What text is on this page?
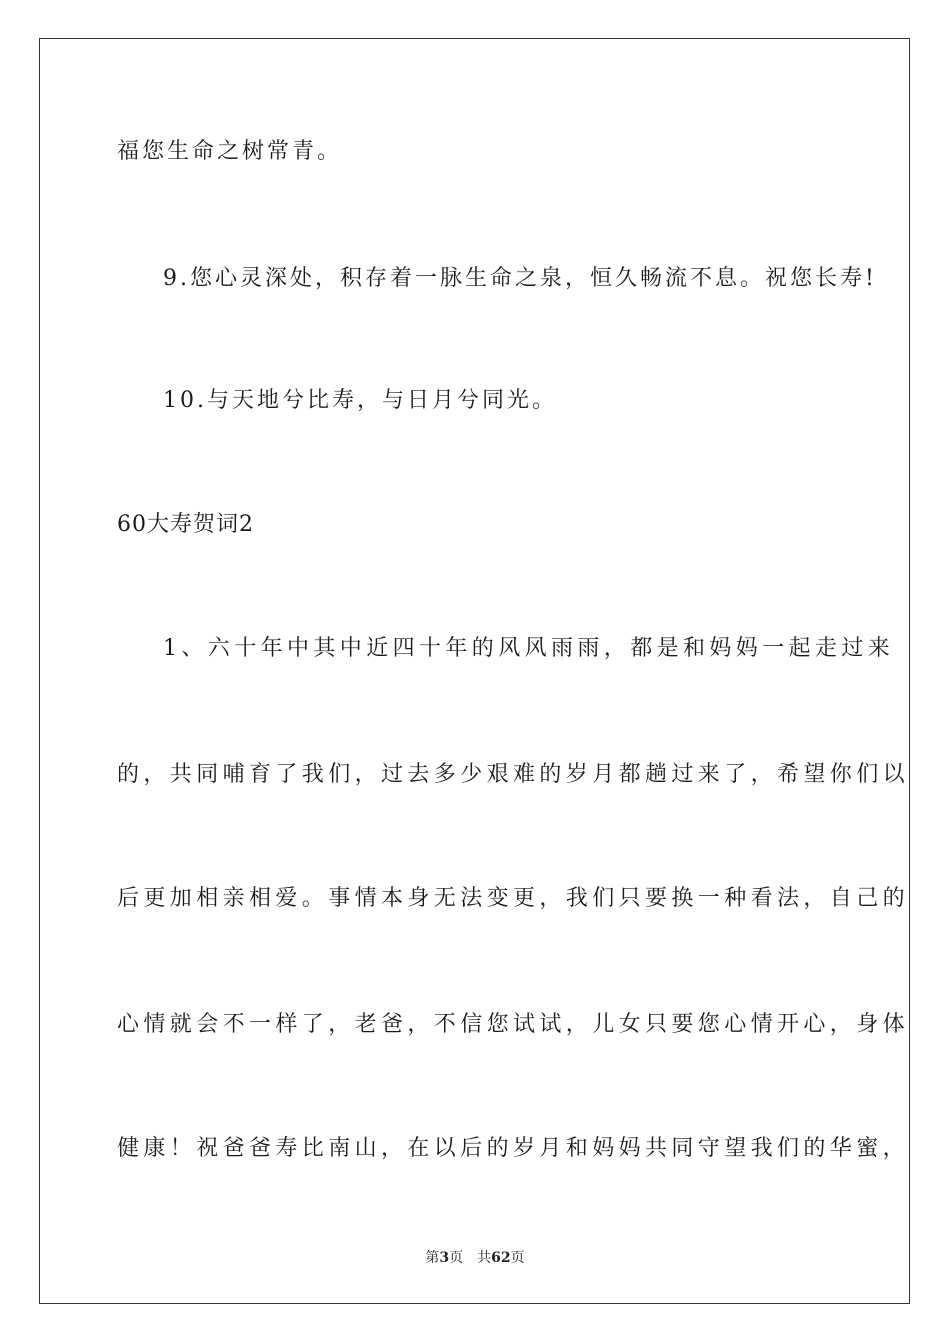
福您生命之树常青。
9.您心灵深处，积存着一脉生命之泉，恒久畅流不息。祝您长寿!
10.与天地兮比寿，与日月兮同光。
60大寿贺词2
1、六十年中其中近四十年的风风雨雨，都是和妈妈一起走过来
的，共同哺育了我们，过去多少艰难的岁月都趟过来了，希望你们以
后更加相亲相爱。事情本身无法变更，我们只要换一种看法，自己的
心情就会不一样了，老爸，不信您试试，儿女只要您心情开心，身体
健康！祝爸爸寿比南山，在以后的岁月和妈妈共同守望我们的华蜜，
第3页 共62页
